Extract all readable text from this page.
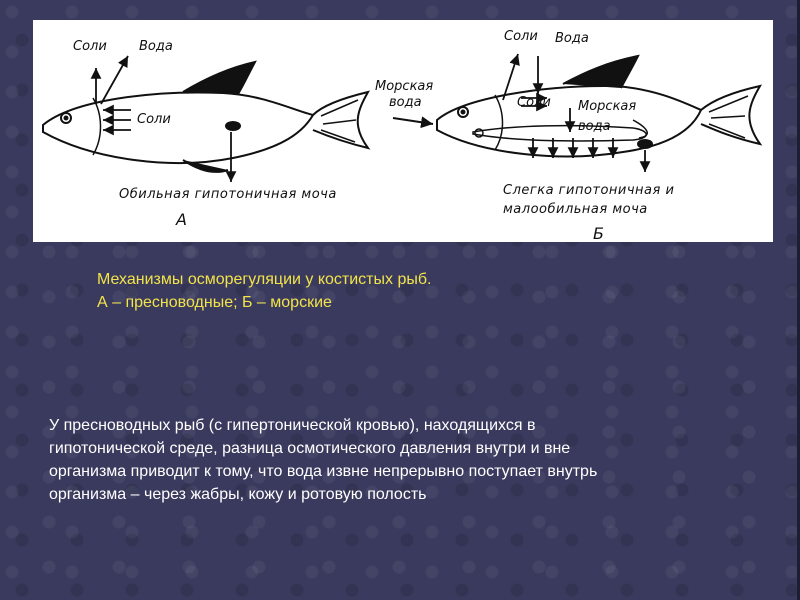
Соли Вода
Соли
Обильная гипотоничная моча
А
Морская
вода
Соли Вода
Соли Морская
вода
Слегка гипотоничная и
малообильная моча
Б
Механизмы осморегуляции у костистых рыб.
А – пресноводные; Б – морские
У пресноводных рыб (с гипертонической кровью), находящихся в
гипотонической среде, разница осмотического давления внутри и вне
организма приводит к тому, что вода извне непрерывно поступает внутрь
организма – через жабры, кожу и ротовую полость
